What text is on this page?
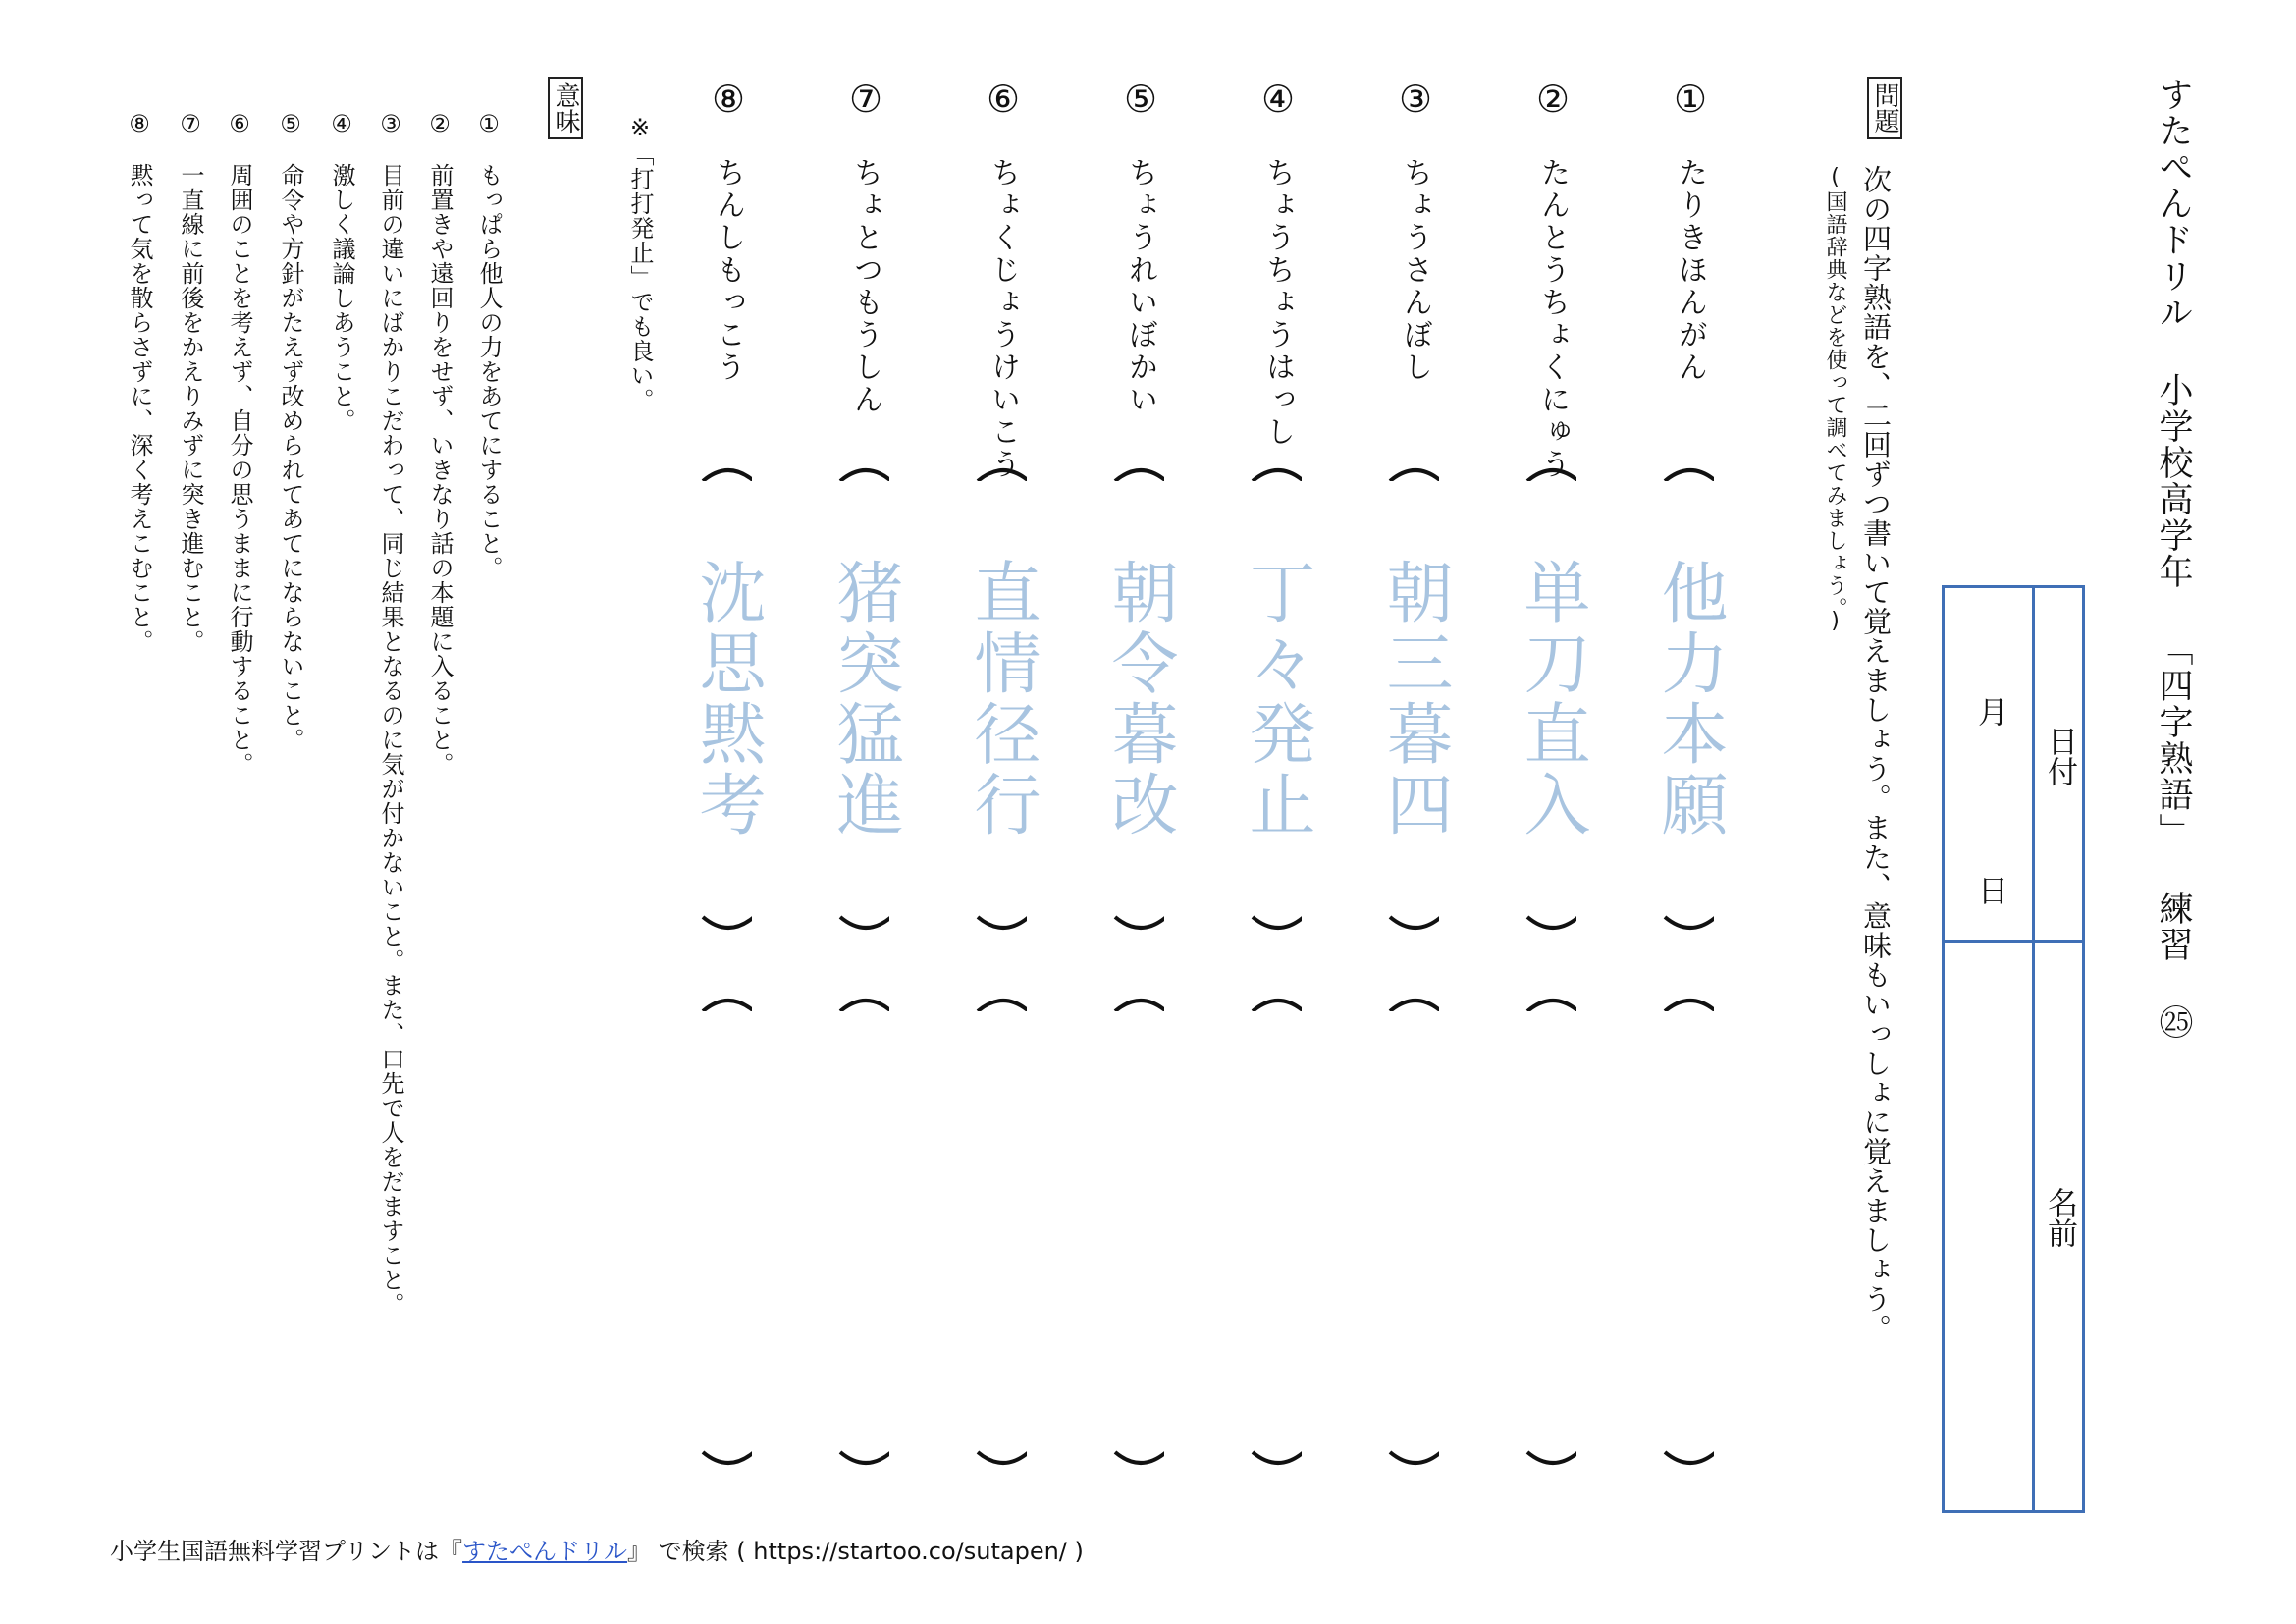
すたぺんドリル 小学校高学年 「四字熟語」 練習 ㉕
日付
月
日
名前
問題
次の四字熟語を、二回ずつ書いて覚えましょう。また、意味もいっしょに覚えましょう。
(国語辞典などを使って調べてみましょう。)
①
たりきほんがん
他力本願
②
たんとうちょくにゅう
単刀直入
③
ちょうさんぼし
朝三暮四
④
ちょうちょうはっし
丁々発止
⑤
ちょうれいぼかい
朝令暮改
⑥
ちょくじょうけいこう
直情径行
⑦
ちょとつもうしん
猪突猛進
⑧
ちんしもっこう
沈思黙考
※「打打発止」でも良い。
意味
①
もっぱら他人の力をあてにすること。
②
前置きや遠回りをせず、いきなり話の本題に入ること。
③
目前の違いにばかりこだわって、同じ結果となるのに気が付かないこと。また、口先で人をだますこと。
④
激しく議論しあうこと。
⑤
命令や方針がたえず改められてあてにならないこと。
⑥
周囲のことを考えず、自分の思うままに行動すること。
⑦
一直線に前後をかえりみずに突き進むこと。
⑧
黙って気を散らさずに、深く考えこむこと。
小学生国語無料学習プリントは『すたぺんドリル』 で検索 ( https://startoo.co/sutapen/ )
